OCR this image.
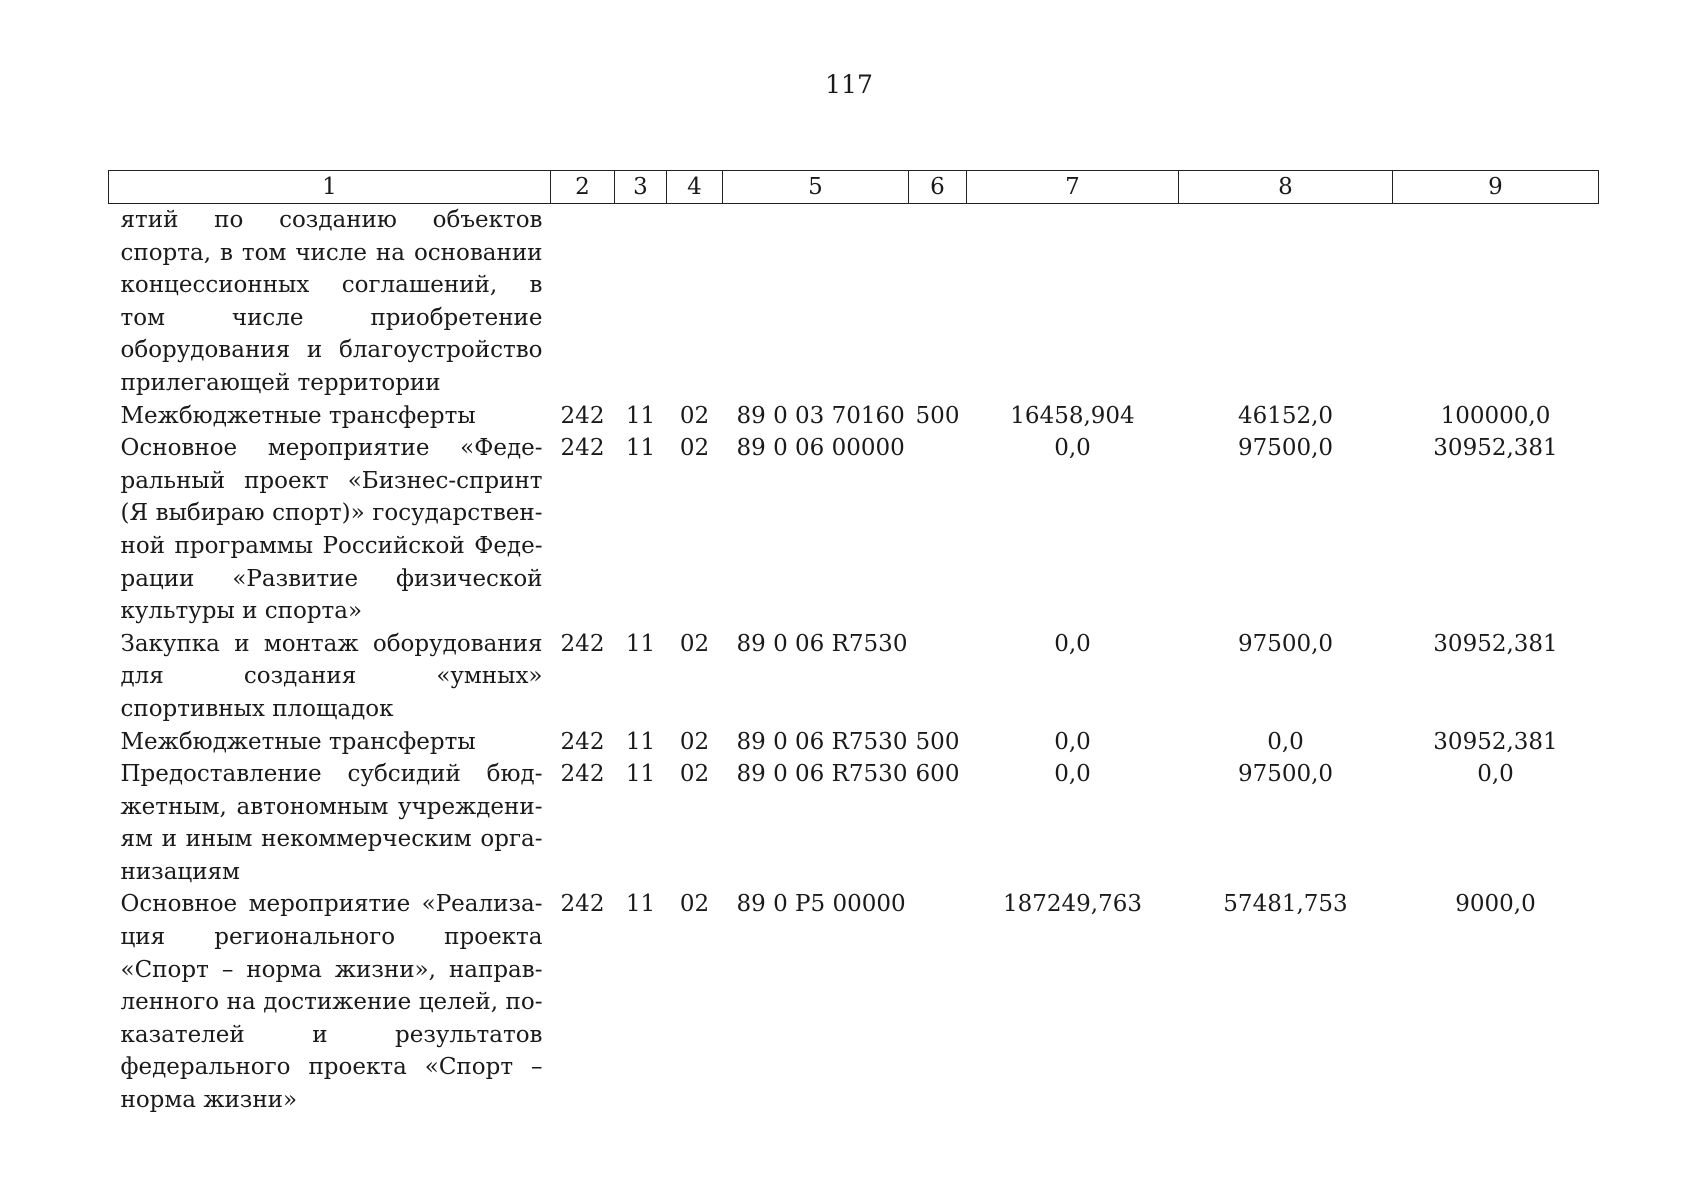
117
1	2	3	4	5	6	7	8	9
ятий по созданию объектов спорта, в том числе на основании концессионных соглашений, в том числе приобретение оборудования и благоустройство прилегающей территории								
Межбюджетные трансферты	242	11	02	89 0 03 70160	500	16458,904	46152,0	100000,0
Основное мероприятие «Федеральный проект «Бизнес-спринт (Я выбираю спорт)» государственной программы Российской Федерации «Развитие физической культуры и спорта»	242	11	02	89 0 06 00000		0,0	97500,0	30952,381
Закупка и монтаж оборудования для создания «умных» спортивных площадок	242	11	02	89 0 06 R7530		0,0	97500,0	30952,381
Межбюджетные трансферты	242	11	02	89 0 06 R7530	500	0,0	0,0	30952,381
Предоставление субсидий бюджетным, автономным учреждениям и иным некоммерческим организациям	242	11	02	89 0 06 R7530	600	0,0	97500,0	0,0
Основное мероприятие «Реализация регионального проекта «Спорт – норма жизни», направленного на достижение целей, показателей и результатов федерального проекта «Спорт – норма жизни»	242	11	02	89 0 P5 00000		187249,763	57481,753	9000,0
